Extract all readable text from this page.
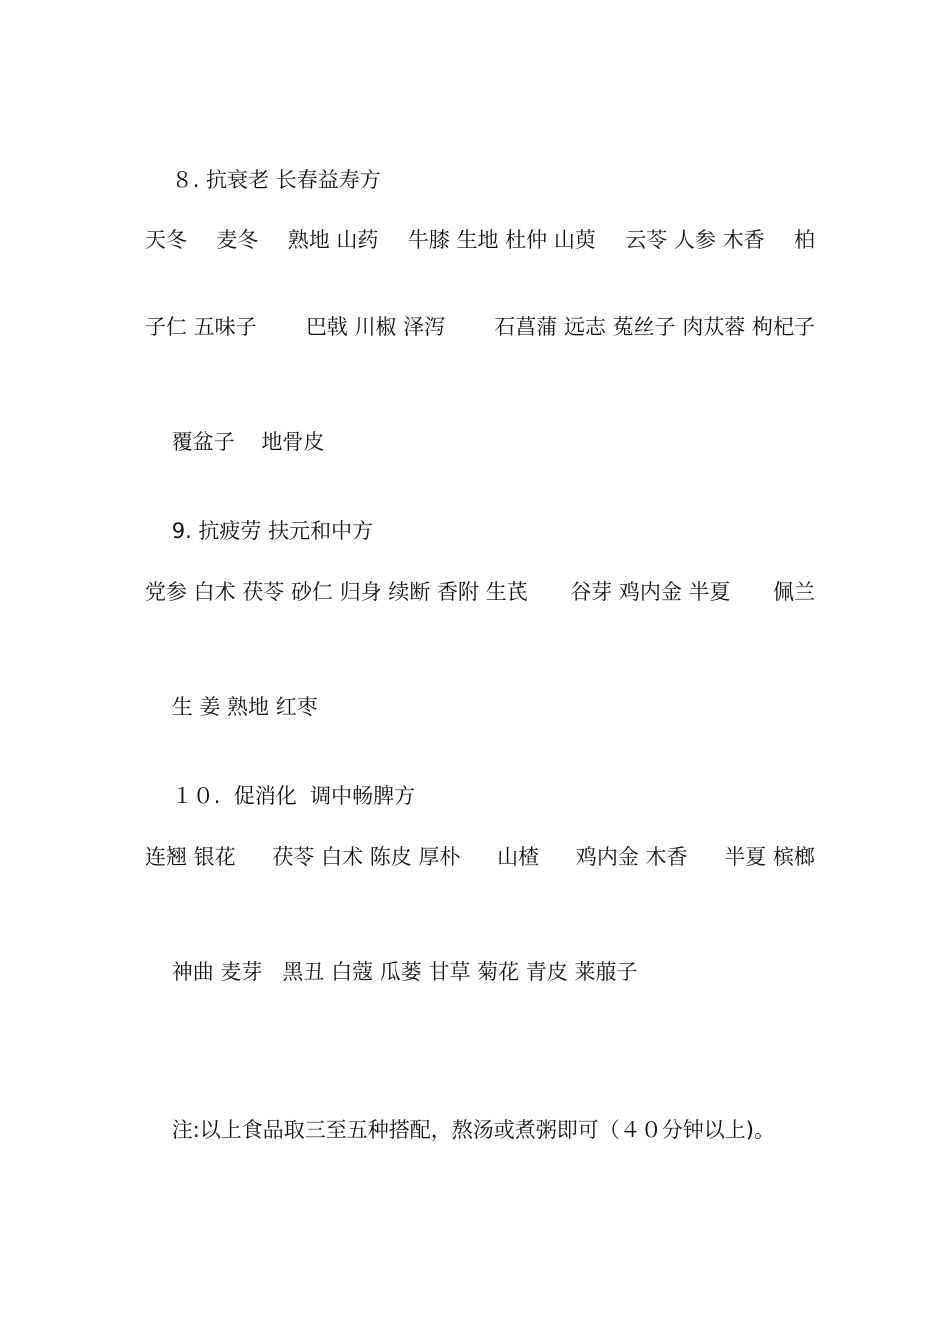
８. 抗衰老 长春益寿方

天冬 麦冬 熟地 山药 牛膝 生地 杜仲 山萸 云苓 人参 木香 柏
子仁 五味子 巴戟 川椒 泽泻 石菖蒲 远志 菟丝子 肉苁蓉 枸杞子

覆盆子 地骨皮

9. 抗疲劳 扶元和中方

党参 白术 茯苓 砂仁 归身 续断 香附 生芪 谷芽 鸡内金 半夏 佩兰

生 姜 熟地 红枣

１０.  促消化  调中畅脾方

连翘 银花 茯苓 白术 陈皮 厚朴 山楂 鸡内金 木香 半夏 槟榔

神曲 麦芽 黑丑 白蔻 瓜蒌 甘草 菊花 青皮 莱菔子

注:以上食品取三至五种搭配，熬汤或煮粥即可（４０分钟以上)。
